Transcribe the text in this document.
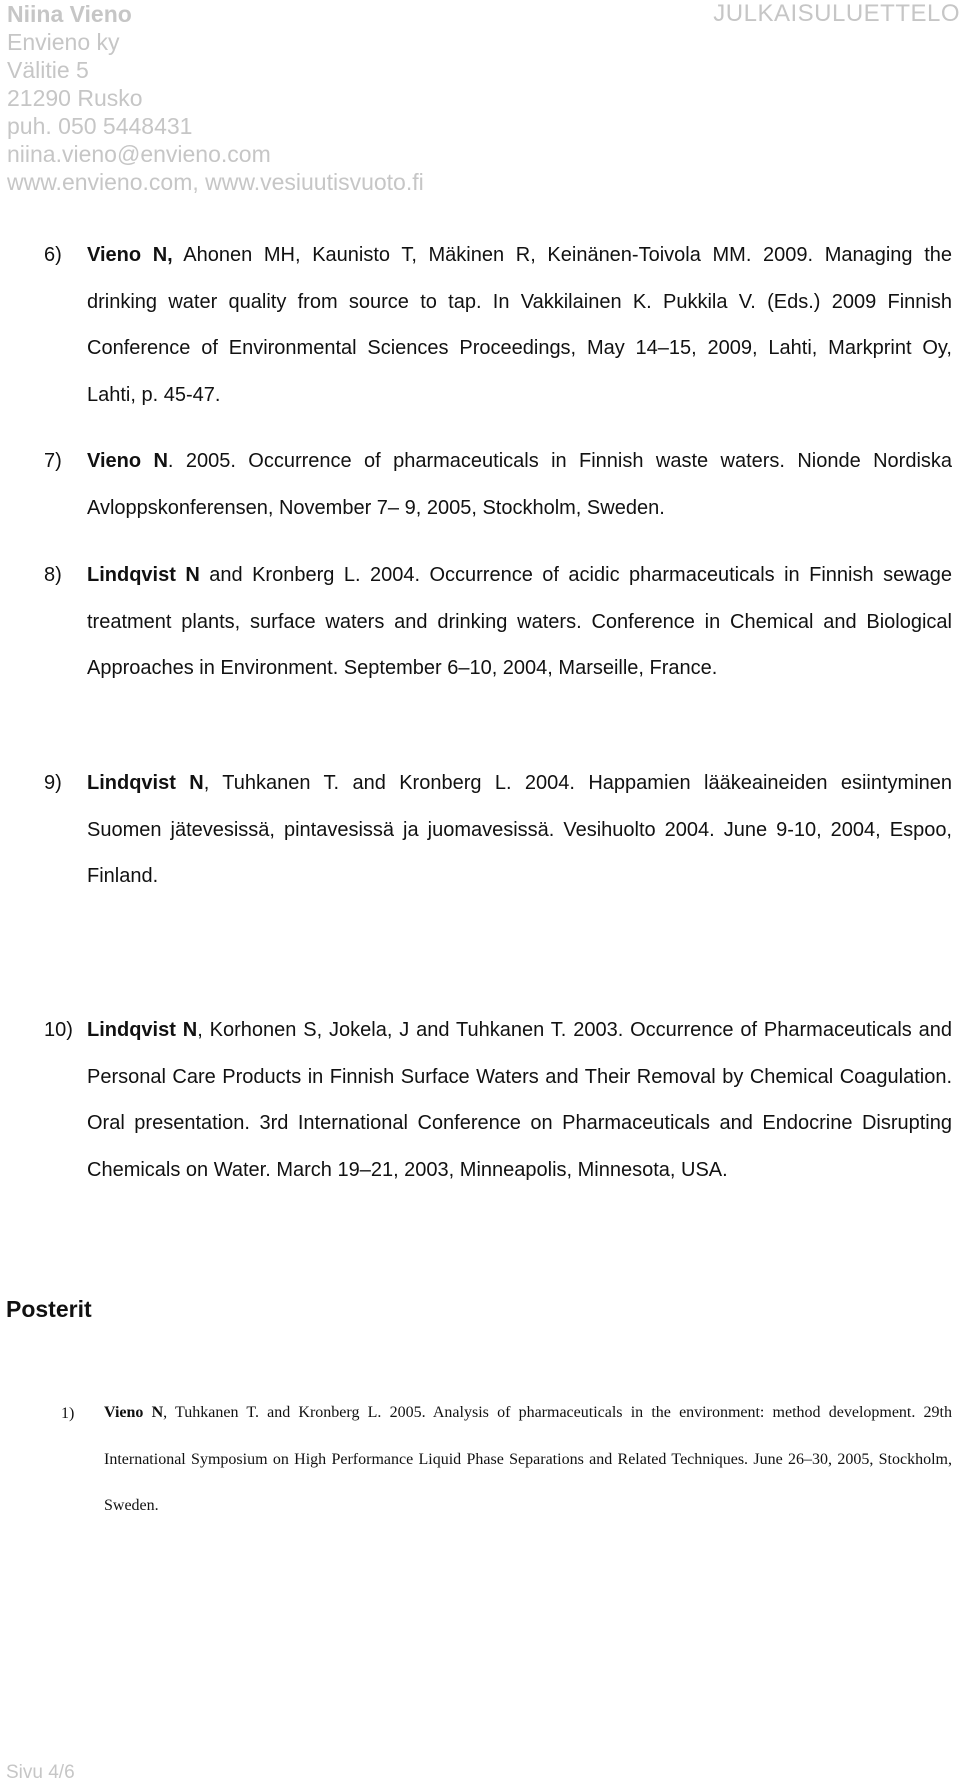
Niina Vieno
Envieno ky
Välitie 5
21290 Rusko
puh. 050 5448431
niina.vieno@envieno.com
www.envieno.com, www.vesiuutisvuoto.fi
JULKAISULUETTELO
6) Vieno N, Ahonen MH, Kaunisto T, Mäkinen R, Keinänen-Toivola MM. 2009. Managing the drinking water quality from source to tap. In Vakkilainen K. Pukkila V. (Eds.) 2009 Finnish Conference of Environmental Sciences Proceedings, May 14–15, 2009, Lahti, Markprint Oy, Lahti, p. 45-47.
7) Vieno N. 2005. Occurrence of pharmaceuticals in Finnish waste waters. Nionde Nordiska Avloppskonferensen, November 7– 9, 2005, Stockholm, Sweden.
8) Lindqvist N and Kronberg L. 2004. Occurrence of acidic pharmaceuticals in Finnish sewage treatment plants, surface waters and drinking waters. Conference in Chemical and Biological Approaches in Environment. September 6–10, 2004, Marseille, France.
9) Lindqvist N, Tuhkanen T. and Kronberg L. 2004. Happamien lääkeaineiden esiintyminen Suomen jätevesissä, pintavesissä ja juomavesissä. Vesihuolto 2004. June 9-10, 2004, Espoo, Finland.
10) Lindqvist N, Korhonen S, Jokela, J and Tuhkanen T. 2003. Occurrence of Pharmaceuticals and Personal Care Products in Finnish Surface Waters and Their Removal by Chemical Coagulation. Oral presentation. 3rd International Conference on Pharmaceuticals and Endocrine Disrupting Chemicals on Water. March 19–21, 2003, Minneapolis, Minnesota, USA.
Posterit
1) Vieno N, Tuhkanen T. and Kronberg L. 2005. Analysis of pharmaceuticals in the environment: method development. 29th International Symposium on High Performance Liquid Phase Separations and Related Techniques. June 26–30, 2005, Stockholm, Sweden.
Sivu 4/6
